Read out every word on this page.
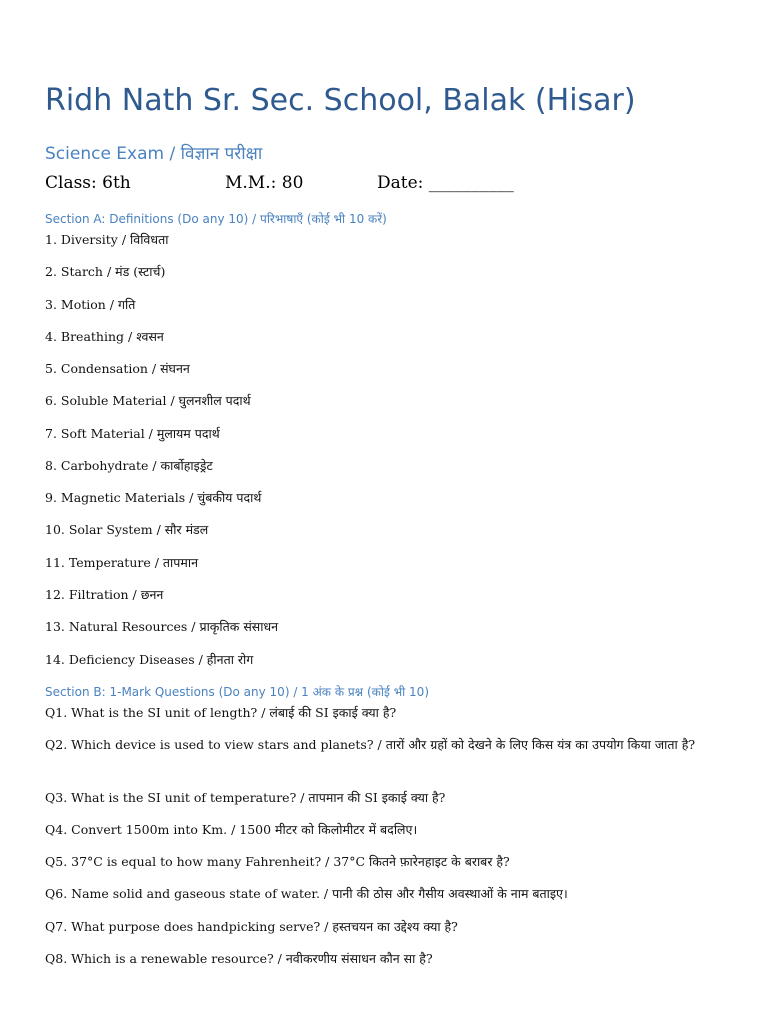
Ridh Nath Sr. Sec. School, Balak (Hisar)
Science Exam / विज्ञान परीक्षा
Class: 6th	M.M.: 80	Date: __________
Section A: Definitions (Do any 10) / परिभाषाएँ (कोई भी 10 करें)
1. Diversity / विविधता
2. Starch / मंड (स्टार्च)
3. Motion / गति
4. Breathing / श्वसन
5. Condensation / संघनन
6. Soluble Material / घुलनशील पदार्थ
7. Soft Material / मुलायम पदार्थ
8. Carbohydrate / कार्बोहाइड्रेट
9. Magnetic Materials / चुंबकीय पदार्थ
10. Solar System / सौर मंडल
11. Temperature / तापमान
12. Filtration / छनन
13. Natural Resources / प्राकृतिक संसाधन
14. Deficiency Diseases / हीनता रोग
Section B: 1-Mark Questions (Do any 10) / 1 अंक के प्रश्न (कोई भी 10)
Q1. What is the SI unit of length? / लंबाई की SI इकाई क्या है?
Q2. Which device is used to view stars and planets? / तारों और ग्रहों को देखने के लिए किस यंत्र का उपयोग किया जाता है?
Q3. What is the SI unit of temperature? / तापमान की SI इकाई क्या है?
Q4. Convert 1500m into Km. / 1500 मीटर को किलोमीटर में बदलिए।
Q5. 37°C is equal to how many Fahrenheit? / 37°C कितने फ़ारेनहाइट के बराबर है?
Q6. Name solid and gaseous state of water. / पानी की ठोस और गैसीय अवस्थाओं के नाम बताइए।
Q7. What purpose does handpicking serve? / हस्तचयन का उद्देश्य क्या है?
Q8. Which is a renewable resource? / नवीकरणीय संसाधन कौन सा है?
